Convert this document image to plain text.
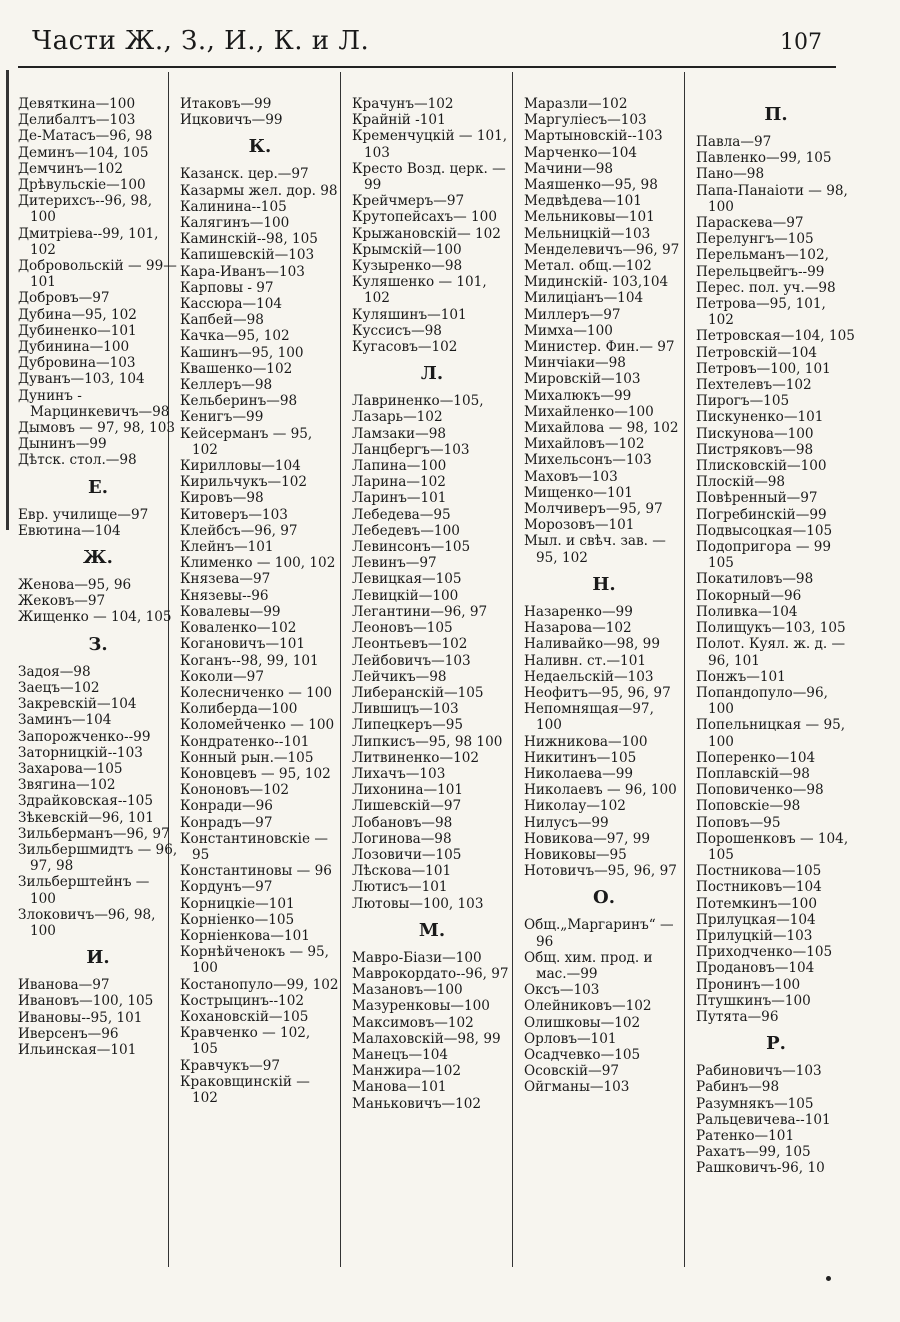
Части Ж., З., И., К. и Л.	107
Девяткина—100
Делибалтъ—103
Де-Матасъ—96, 98
Деминъ—104, 105
Демчинъ—102
Дрѣвульскіе—100
Дитерихсъ--96, 98, 100
Дмитріева--99, 101, 102
Добровольскій — 99—101
Добровъ—97
Дубина—95, 102
Дубиненко—101
Дубинина—100
Дубровина—103
Дуванъ—103, 104
Дунинъ - Марцинкевичъ—98
Дымовъ — 97, 98, 103
Дынинъ—99
Дѣтск. стол.—98
Е.
Евр. училище—97
Евютина—104
Ж.
Женова—95, 96
Жековъ—97
Жищенко — 104, 105
З.
Задоя—98
Заецъ—102
Закревскій—104
Заминъ—104
Запорожченко--99
Заторницкій--103
Захарова—105
Звягина—102
Здрайковская--105
Зѣкевскій—96, 101
Зильберманъ—96, 97
Зильбершмидтъ — 96, 97, 98
Зильберштейнъ — 100
Злоковичъ—96, 98, 100
И.
Иванова—97
Ивановъ—100, 105
Ивановы--95, 101
Иверсенъ—96
Ильинская—101
Итаковъ—99
Ицковичъ—99
К.
Казанск. цер.—97
Казармы жел. дор. 98
Калинина--105
Калягинъ—100
Каминскій--98, 105
Капишевскій—103
Кара-Иванъ—103
Карповы - 97
Кассюра—104
Капбей—98
Качка—95, 102
Кашинъ—95, 100
Квашенко—102
Келлеръ—98
Кельберинъ—98
Кенигъ—99
Кейсерманъ — 95, 102
Кирилловы—104
Кирильчукъ—102
Кировъ—98
Китоверъ—103
Клейбсъ—96, 97
Клейнъ—101
Клименко — 100, 102
Князева—97
Князевы--96
Ковалевы—99
Коваленко—102
Когановичъ—101
Коганъ--98, 99, 101
Коколи—97
Колесниченко — 100
Колиберда—100
Коломейченко — 100
Кондратенко--101
Конный рын.—105
Коновцевъ — 95, 102
Кононовъ—102
Конради—96
Конрадъ—97
Константиновскіе —95
Константиновы — 96
Кордунъ—97
Корницкіе—101
Корніенко—105
Корніенкова—101
Корнѣйченокъ — 95, 100
Костанопуло—99, 102
Кострыцинъ--102
Кохановскій—105
Кравченко — 102, 105
Кравчукъ—97
Краковщинскій — 102
Крачунъ—102
Крайній -101
Кременчуцкій — 101, 103
Кресто Возд. церк. —99
Крейчмеръ—97
Крутопейсахъ— 100
Крыжановскій— 102
Крымскій—100
Кузыренко—98
Куляшенко — 101, 102
Куляшинъ—101
Куссисъ—98
Кугасовъ—102
Л.
Лавриненко—105,
Лазарь—102
Ламзаки—98
Ланцбергъ—103
Лапина—100
Ларина—102
Ларинъ—101
Лебедева—95
Лебедевъ—100
Левинсонъ—105
Левинъ—97
Левицкая—105
Левицкій—100
Легантини—96, 97
Леоновъ—105
Леонтьевъ—102
Лейбовичъ—103
Лейчикъ—98
Либеранскій—105
Лившицъ—103
Липецкеръ—95
Липкисъ—95, 98 100
Литвиненко—102
Лихачъ—103
Лихонина—101
Лишевскій—97
Лобановъ—98
Логинова—98
Лозовичи—105
Лѣскова—101
Лютисъ—101
Лютовы—100, 103
М.
Мавро-Біази—100
Маврокордато--96, 97
Мазановъ—100
Мазуренковы—100
Максимовъ—102
Малаховскій—98, 99
Манецъ—104
Манжира—102
Манова—101
Маньковичъ—102
Маразли—102
Маргуліесъ—103
Мартыновскій--103
Марченко—104
Мачини—98
Маяшенко—95, 98
Медвѣдева—101
Мельниковы—101
Мельницкій—103
Менделевичъ—96, 97
Метал. общ.—102
Мидинскій- 103,104
Милиціанъ—104
Миллеръ—97
Мимха—100
Министер. Фин.— 97
Минчіаки—98
Мировскій—103
Михалюкъ—99
Михайленко—100
Михайлова — 98, 102
Михайловъ—102
Михельсонъ—103
Маховъ—103
Мищенко—101
Молчиверъ—95, 97
Морозовъ—101
Мыл. и свѣч. зав. —95, 102
Н.
Назаренко—99
Назарова—102
Наливайко—98, 99
Наливн. ст.—101
Недаельскій—103
Неофитъ—95, 96, 97
Непомнящая—97, 100
Нижникова—100
Никитинъ—105
Николаева—99
Николаевъ — 96, 100
Николау—102
Нилусъ—99
Новикова—97, 99
Новиковы—95
Нотовичъ—95, 96, 97
О.
Общ.„Маргаринъ“ —96
Общ. хим. прод. и мас.—99
Оксъ—103
Олейниковъ—102
Олишковы—102
Орловъ—101
Осадчевко—105
Осовскій—97
Ойгманы—103
П.
Павла—97
Павленко—99, 105
Пано—98
Папа-Панаіоти — 98, 100
Параскева—97
Перелунгъ—105
Перельманъ—102,
Перельцвейгъ--99
Перес. пол. уч.—98
Петрова—95, 101, 102
Петровская—104, 105
Петровскій—104
Петровъ—100, 101
Пехтелевъ—102
Пирогъ—105
Пискуненко—101
Пискунова—100
Пистряковъ—98
Плисковскій—100
Плоскій—98
Повѣренный—97
Погребинскій—99
Подвысоцкая—105
Подопригора — 99 105
Покатиловъ—98
Покорный—96
Поливка—104
Полищукъ—103, 105
Полот. Куял. ж. д. —96, 101
Понжъ—101
Попандопуло—96, 100
Попельницкая — 95, 100
Поперенко—104
Поплавскій—98
Поповиченко—98
Поповскіе—98
Поповъ—95
Порошенковъ — 104, 105
Постникова—105
Постниковъ—104
Потемкинъ—100
Прилуцкая—104
Прилуцкій—103
Приходченко—105
Продановъ—104
Пронинъ—100
Птушкинъ—100
Путята—96
Р.
Рабиновичъ—103
Рабинъ—98
Разумнякъ—105
Ральцевичева--101
Ратенко—101
Рахатъ—99, 105
Рашковичъ-96, 10
